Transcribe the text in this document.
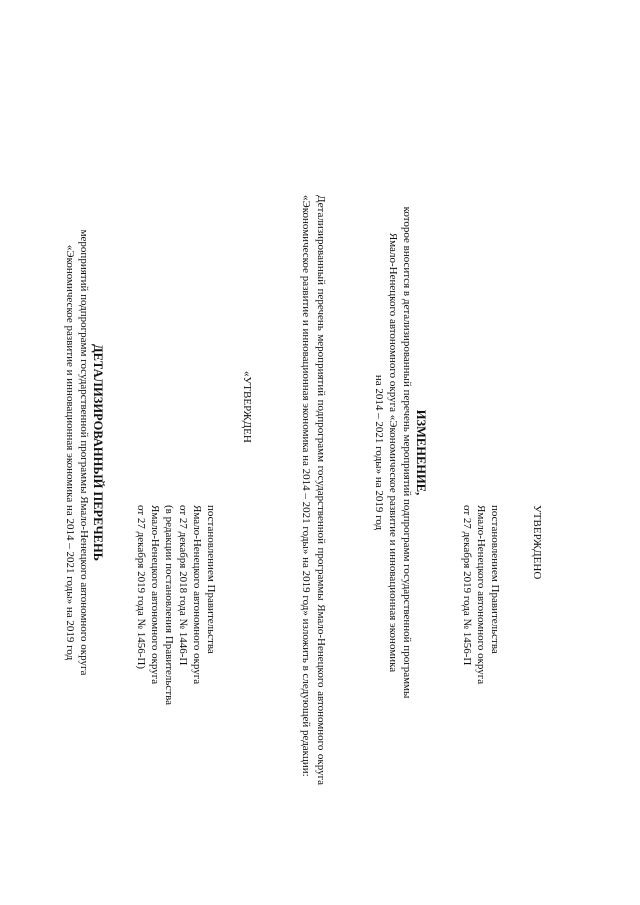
УТВЕРЖДЕНО
постановлением Правительства
Ямало-Ненецкого автономного округа
от 27 декабря 2019 года № 1456-П
ИЗМЕНЕНИЕ,
которое вносится в детализированный перечень мероприятий подпрограмм государственной программы
Ямало-Ненецкого автономного округа «Экономическое развитие и инновационная экономика
на 2014 – 2021 годы» на 2019 год
Детализированный перечень мероприятий подпрограмм государственной программы Ямало-Ненецкого автономного округа «Экономическое развитие и инновационная экономика на 2014 – 2021 годы» на 2019 год» изложить в следующей редакции:
«УТВЕРЖДЕН
постановлением Правительства
Ямало-Ненецкого автономного округа
от 27 декабря 2018 года № 1446-П
(в редакции постановления Правительства
Ямало-Ненецкого автономного округа
от 27 декабря 2019 года № 1456-П)
ДЕТАЛИЗИРОВАННЫЙ ПЕРЕЧЕНЬ
мероприятий подпрограмм государственной программы Ямало-Ненецкого автономного округа
«Экономическое развитие и инновационная экономика на 2014 – 2021 годы» на 2019 год
